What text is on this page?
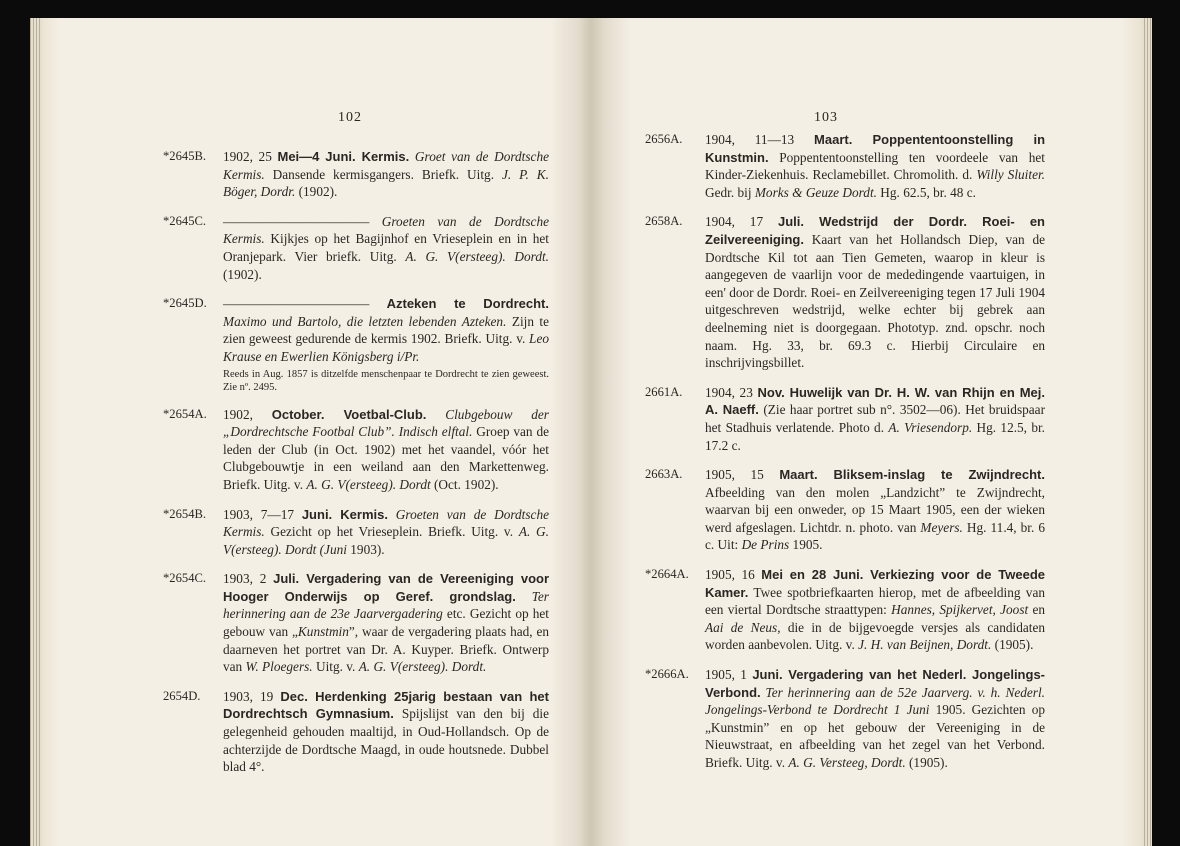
102
*2645B.	1902, 25 Mei—4 Juni. Kermis. Groet van de Dordtsche Kermis. Dansende kermisgangers. Briefk. Uitg. J. P. K. Böger, Dordr. (1902).
*2645C.	——————————— Groeten van de Dordtsche Kermis. Kijkjes op het Bagijnhof en Vrieseplein en in het Oranjepark. Vier briefk. Uitg. A. G. V(ersteeg). Dordt. (1902).
*2645D.	——————————— Azteken te Dordrecht. Maximo und Bartolo, die letzten lebenden Azteken. Zijn te zien geweest gedurende de kermis 1902. Briefk. Uitg. v. Leo Krause en Ewerlien Königsberg i/Pr.
Reeds in Aug. 1857 is ditzelfde menschenpaar te Dordrecht te zien geweest. Zie nº. 2495.
*2654A.	1902, October. Voetbal-Club. Clubgebouw der „Dordrechtsche Footbal Club”. Indisch elftal. Groep van de leden der Club (in Oct. 1902) met het vaandel, vóór het Clubgebouwtje in een weiland aan den Markettenweg. Briefk. Uitg. v. A. G. V(ersteeg). Dordt (Oct. 1902).
*2654B.	1903, 7—17 Juni. Kermis. Groeten van de Dordtsche Kermis. Gezicht op het Vrieseplein. Briefk. Uitg. v. A. G. V(ersteeg). Dordt (Juni 1903).
*2654C.	1903, 2 Juli. Vergadering van de Vereeniging voor Hooger Onderwijs op Geref. grondslag. Ter herinnering aan de 23e Jaarvergadering etc. Gezicht op het gebouw van „Kunstmin”, waar de vergadering plaats had, en daarneven het portret van Dr. A. Kuyper. Briefk. Ontwerp van W. Ploegers. Uitg. v. A. G. V(ersteeg). Dordt.
2654D.	1903, 19 Dec. Herdenking 25jarig bestaan van het Dordrechtsch Gymnasium. Spijslijst van den bij die gelegenheid gehouden maaltijd, in Oud-Hollandsch. Op de achterzijde de Dordtsche Maagd, in oude houtsnede. Dubbel blad 4°.
103
2656A.	1904, 11—13 Maart. Poppententoonstelling in Kunstmin. Poppententoonstelling ten voordeele van het Kinder-Ziekenhuis. Reclamebillet. Chromolith. d. Willy Sluiter. Gedr. bij Morks & Geuze Dordt. Hg. 62.5, br. 48 c.
2658A.	1904, 17 Juli. Wedstrijd der Dordr. Roei- en Zeilvereeniging. Kaart van het Hollandsch Diep, van de Dordtsche Kil tot aan Tien Gemeten, waarop in kleur is aangegeven de vaarlijn voor de mededingende vaartuigen, in een' door de Dordr. Roei- en Zeilvereeniging tegen 17 Juli 1904 uitgeschreven wedstrijd, welke echter bij gebrek aan deelneming niet is doorgegaan. Phototyp. znd. opschr. noch naam. Hg. 33, br. 69.3 c. Hierbij Circulaire en inschrijvingsbillet.
2661A.	1904, 23 Nov. Huwelijk van Dr. H. W. van Rhijn en Mej. A. Naeff. (Zie haar portret sub n°. 3502—06). Het bruidspaar het Stadhuis verlatende. Photo d. A. Vriesendorp. Hg. 12.5, br. 17.2 c.
2663A.	1905, 15 Maart. Bliksem-inslag te Zwijndrecht. Afbeelding van den molen „Landzicht” te Zwijndrecht, waarvan bij een onweder, op 15 Maart 1905, een der wieken werd afgeslagen. Lichtdr. n. photo. van Meyers. Hg. 11.4, br. 6 c. Uit: De Prins 1905.
*2664A.	1905, 16 Mei en 28 Juni. Verkiezing voor de Tweede Kamer. Twee spotbriefkaarten hierop, met de afbeelding van een viertal Dordtsche straattypen: Hannes, Spijkervet, Joost en Aai de Neus, die in de bijgevoegde versjes als candidaten worden aanbevolen. Uitg. v. J. H. van Beijnen, Dordt. (1905).
*2666A.	1905, 1 Juni. Vergadering van het Nederl. Jongelings-Verbond. Ter herinnering aan de 52e Jaarverg. v. h. Nederl. Jongelings-Verbond te Dordrecht 1 Juni 1905. Gezichten op „Kunstmin” en op het gebouw der Vereeniging in de Nieuwstraat, en afbeelding van het zegel van het Verbond. Briefk. Uitg. v. A. G. Versteeg, Dordt. (1905).
